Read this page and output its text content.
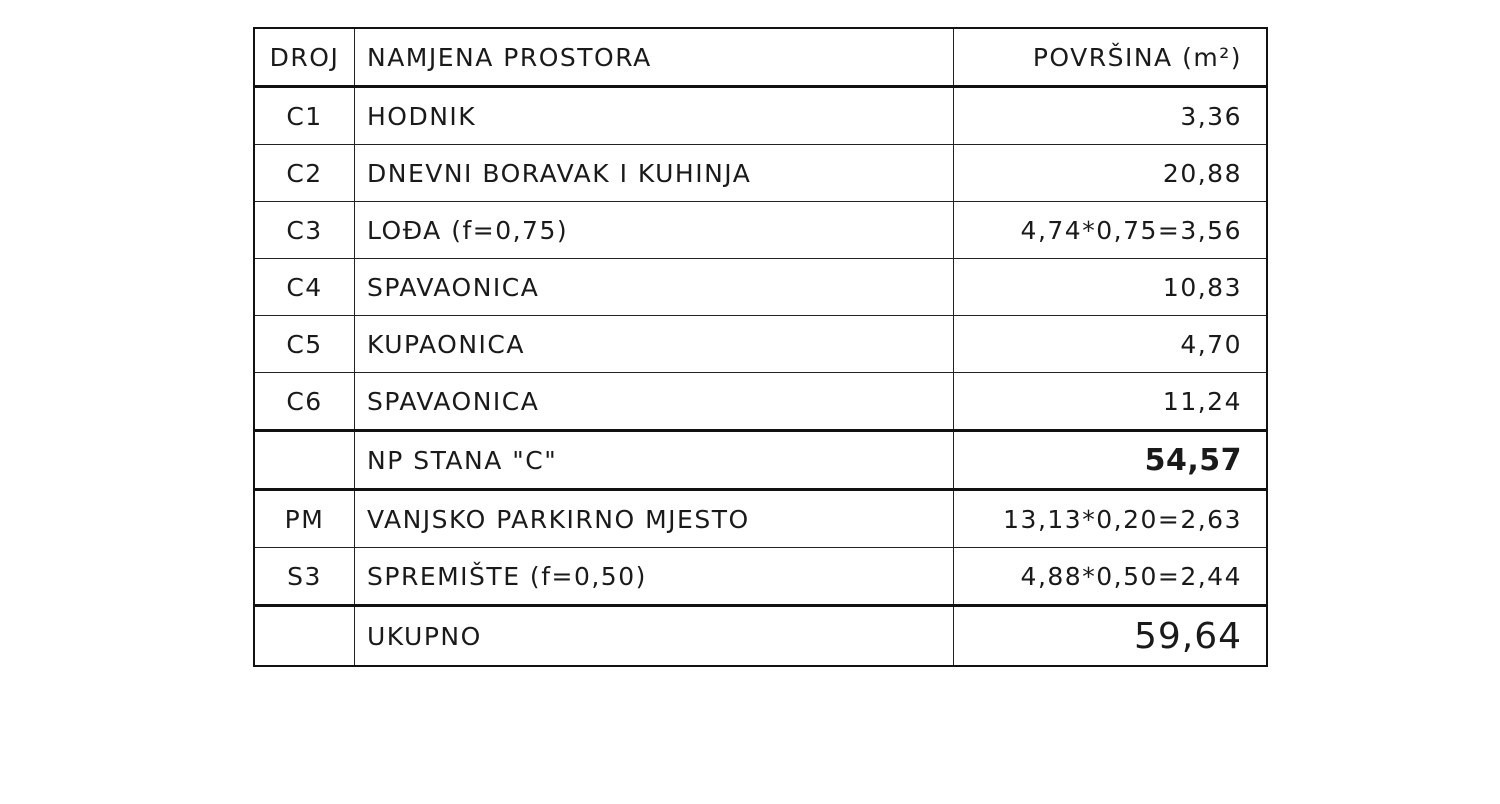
DROJ	NAMJENA PROSTORA	POVRŠINA (m²)
C1	HODNIK	3,36
C2	DNEVNI BORAVAK I KUHINJA	20,88
C3	LOĐA (f=0,75)	4,74*0,75=3,56
C4	SPAVAONICA	10,83
C5	KUPAONICA	4,70
C6	SPAVAONICA	11,24
	NP STANA "C"	54,57
PM	VANJSKO PARKIRNO MJESTO	13,13*0,20=2,63
S3	SPREMIŠTE (f=0,50)	4,88*0,50=2,44
	UKUPNO	59,64
